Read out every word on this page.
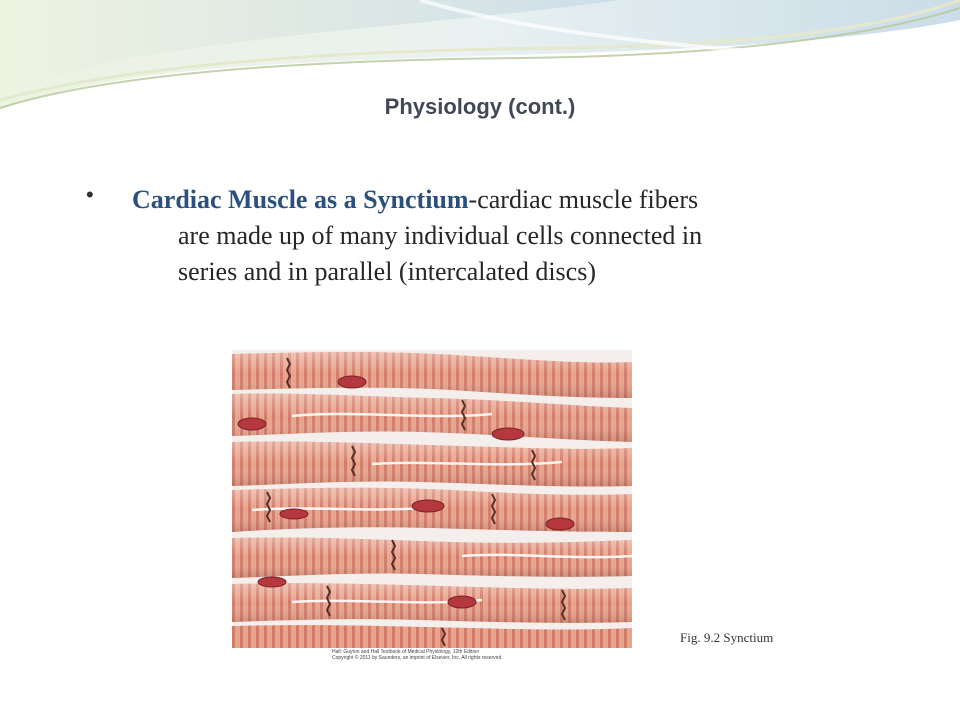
Physiology (cont.)
• Cardiac Muscle as a Synctium-cardiac muscle fibers
are made up of many individual cells connected in
series and in parallel (intercalated discs)
Hall: Guyton and Hall Textbook of Medical Physiology, 12th Edition
Copyright © 2011 by Saunders, an imprint of Elsevier, Inc. All rights reserved.
Fig. 9.2 Synctium
